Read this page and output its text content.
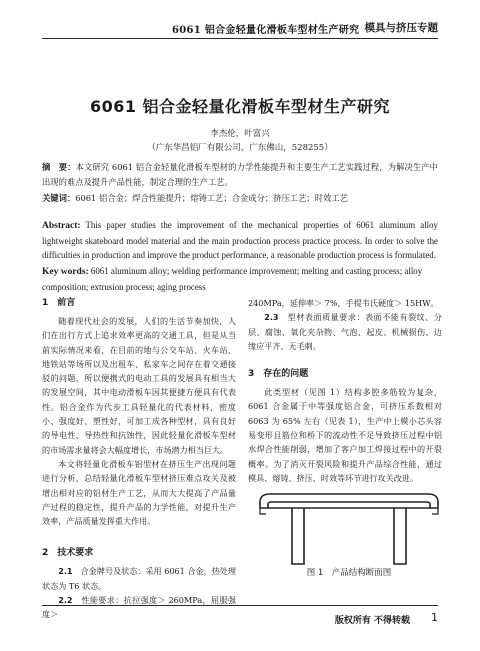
6061 铝合金轻量化滑板车型材生产研究 模具与挤压专题
6061 铝合金轻量化滑板车型材生产研究
李杰伦，叶富兴
（广东华昌铝厂有限公司，广东佛山，528255）
摘　要：本文研究 6061 铝合金轻量化滑板车型材的力学性能提升和主要生产工艺实践过程，为解决生产中出现的难点及提升产品性能，制定合理的生产工艺。
关键词：6061 铝合金；焊合性能提升；熔铸工艺；合金成分；挤压工艺；时效工艺
Abstract: This paper studies the improvement of the mechanical properties of 6061 aluminum alloy lightweight skateboard model material and the main production process practice process. In order to solve the difficulties in production and improve the product performance, a reasonable production process is formulated.
Key words: 6061 aluminum alloy; welding performance improvement; melting and casting process; alloy composition; extrusion process; aging process
1　前言

随着现代社会的发展，人们的生活节奏加快，人们在出行方式上追求效率更高的交通工具，但是从当前实际情况来看，在目前的地与公交车站、火车站、地铁站等场所以及出租车、私家车之间存在着交通接驳的问题，所以便携式的电动工具的发展具有相当大的发展空间，其中电动滑板车因其便捷方便具有代表性。铝合金作为代步工具轻量化的代表材料，密度小、强度好、塑性好，可加工成各种型材，具有良好的导电性、导热性和抗蚀性，因此轻量化滑板车型材的市场需求量将会大幅度增长，市场潜力相当巨大。

本文将轻量化滑板车铝型材在挤压生产出现问题进行分析，总结轻量化滑板车型材挤压难点攻关及被增出相对应的铝材生产工艺，从而大大提高了产品量产过程的稳定性，提升产品的力学性能，对提升生产效率，产品质量发挥重大作用。

2　技术要求

2.1　 合金牌号及状态：采用 6061 合金，热处理状态为 T6 状态。

2.2　 性能要求：抗拉强度＞ 260MPa，屈服强度＞

240MPa，延伸率＞ 7%，手提韦氏硬度＞ 15HW。

2.3　 型材表面质量要求：表面不能有裂纹、分层、腐蚀、氧化夹杂物、气泡、起皮、机械损伤、边缘应平齐、无毛刺。

3　存在的问题

此类型材（见图 1）结构多腔多筋较为复杂，6061 合金属于中等强度铝合金，可挤压系数相对 6063 为 65% 左右（见表 1），生产中上模小芯头容易变形且筋位和桥下的流动性不足导致挤压过程中铝水焊合性能削弱，增加了客户加工焊接过程中的开裂概率。为了消灭开裂风险和提升产品综合性能，通过模具、熔铸、挤压、时效等环节进行攻关改进。

图 1　产品结构断面图
版权所有 不得转载 1
